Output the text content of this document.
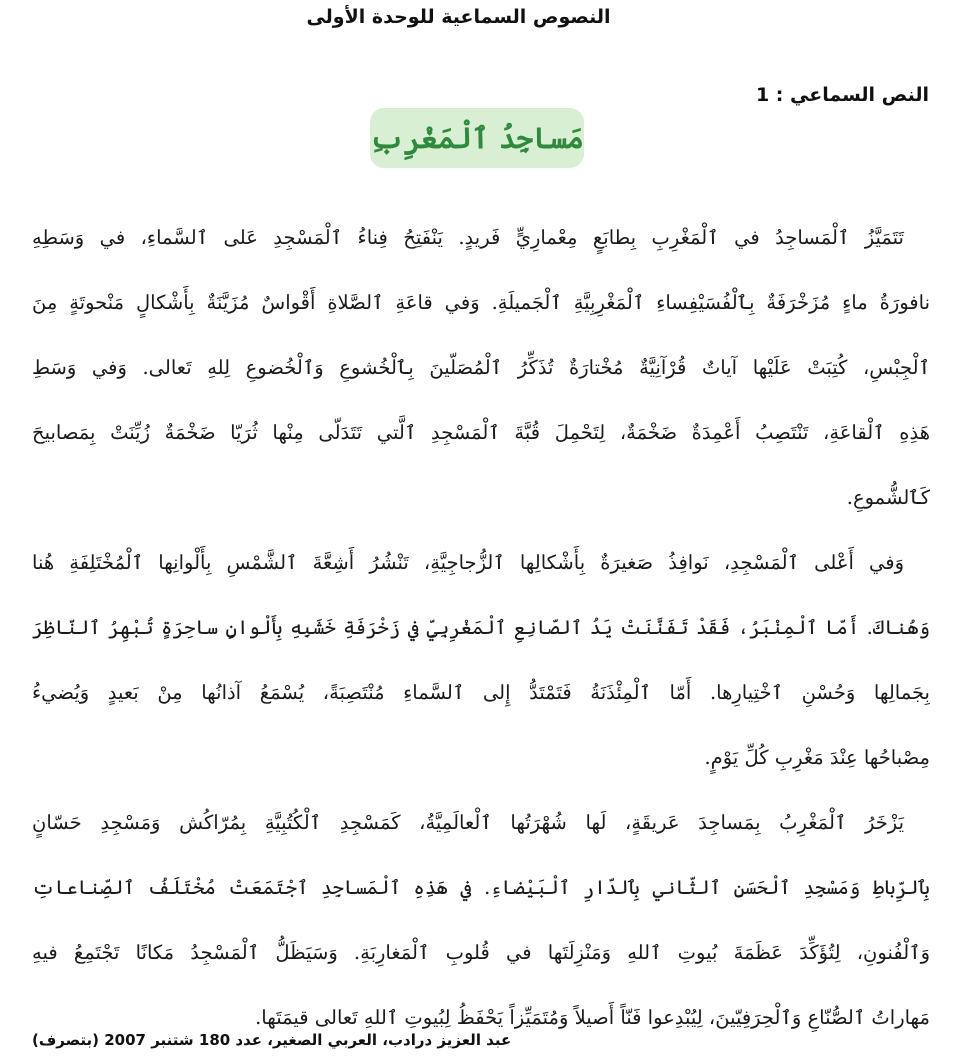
النصوص السماعية للوحدة الأولى
النص السماعي : 1
مَساجِدُ ٱلْمَغْرِبِ
تَتَمَيَّزُ ٱلْمَساجِدُ في ٱلْمَغْرِبِ بِطابَعٍ مِعْمارِيٍّ فَريدٍ. يَنْفَتِحُ فِناءُ ٱلْمَسْجِدِ عَلى ٱلسَّماءِ، في وَسَطِهِ
نافورَةُ ماءٍ مُزَخْرَفَةٌ بِٱلْفُسَيْفِساءِ ٱلْمَغْرِبِيَّةِ ٱلْجَميلَةِ. وَفي قاعَةِ ٱلصَّلاةِ أَقْواسٌ مُزَيَّنَةٌ بِأَشْكالٍ مَنْحوتَةٍ مِنَ
ٱلْجِبْسِ، كُتِبَتْ عَلَيْها آياتٌ قُرْآنِيَّةٌ مُخْتارَةٌ تُذَكِّرُ ٱلْمُصَلّينَ بِٱلْخُشوعِ وَٱلْخُضوعِ لِلهِ تَعالى. وَفي وَسَطِ
هَذِهِ ٱلْقاعَةِ، تَنْتَصِبُ أَعْمِدَةٌ ضَخْمَةٌ، لِتَحْمِلَ قُبَّةَ ٱلْمَسْجِدِ ٱلَّتي تَتَدَلّى مِنْها ثُرَيّا ضَخْمَةٌ زُيِّنَتْ بِمَصابيحَ
كَٱلشُّموعِ.
وَفي أَعْلى ٱلْمَسْجِدِ، نَوافِذُ صَغيرَةٌ بِأَشْكالِها ٱلزُّجاجِيَّةِ، تَنْشُرُ أَشِعَّةَ ٱلشَّمْسِ بِأَلْوانِها ٱلْمُخْتَلِفَةِ هُنا
وَهُناكَ. أَمّا ٱلْمِنْبَرُ، فَقَدْ تَفَنَّنَتْ يَدُ ٱلصّانِعِ ٱلْمَغْرِبِيِّ في زَخْرَفَةِ خَشَبِهِ بِأَلْوانٍ ساحِرَةٍ تُبْهِرُ ٱلنّاظِرَ
بِجَمالِها وَحُسْنِ ٱخْتِيارِها. أَمّا ٱلْمِئْذَنَةُ فَتَمْتَدُّ إِلى ٱلسَّماءِ مُنْتَصِبَةً، يُسْمَعُ آذانُها مِنْ بَعيدٍ وَيُضيءُ
مِصْباحُها عِنْدَ مَغْرِبِ كُلِّ يَوْمٍ.
يَزْخَرُ ٱلْمَغْرِبُ بِمَساجِدَ عَريقَةٍ، لَها شُهْرَتُها ٱلْعالَمِيَّةُ، كَمَسْجِدِ ٱلْكُتُبِيَّةِ بِمُرّاكُش وَمَسْجِدِ حَسّانٍ
بِٱلرِّباطِ وَمَسْجِدِ ٱلْحَسَنِ ٱلثّاني بِٱلدّارِ ٱلْبَيْضاءِ. في هَذِهِ ٱلْمَساجِدِ ٱجْتَمَعَتْ مُخْتَلَفُ ٱلصِّناعاتِ
وَٱلْفُنونِ، لِتُؤَكِّدَ عَظَمَةَ بُيوتِ ٱللهِ وَمَنْزِلَتَها في قُلوبِ ٱلْمَغارِبَةِ. وَسَيَظَلُّ ٱلْمَسْجِدُ مَكانًا تَجْتَمِعُ فيهِ
مَهاراتُ ٱلصُّنّاعِ وَٱلْحِرَفِيّينَ، لِيُبْدِعوا فَنّاً أَصيلاً وَمُتَمَيِّزاً يَحْفَظُ لِبُيوتِ ٱللهِ تَعالى قيمَتَها.
عبد العزيز درادب، العربي الصغير، عدد 180 شتنبر 2007 (بتصرف)
